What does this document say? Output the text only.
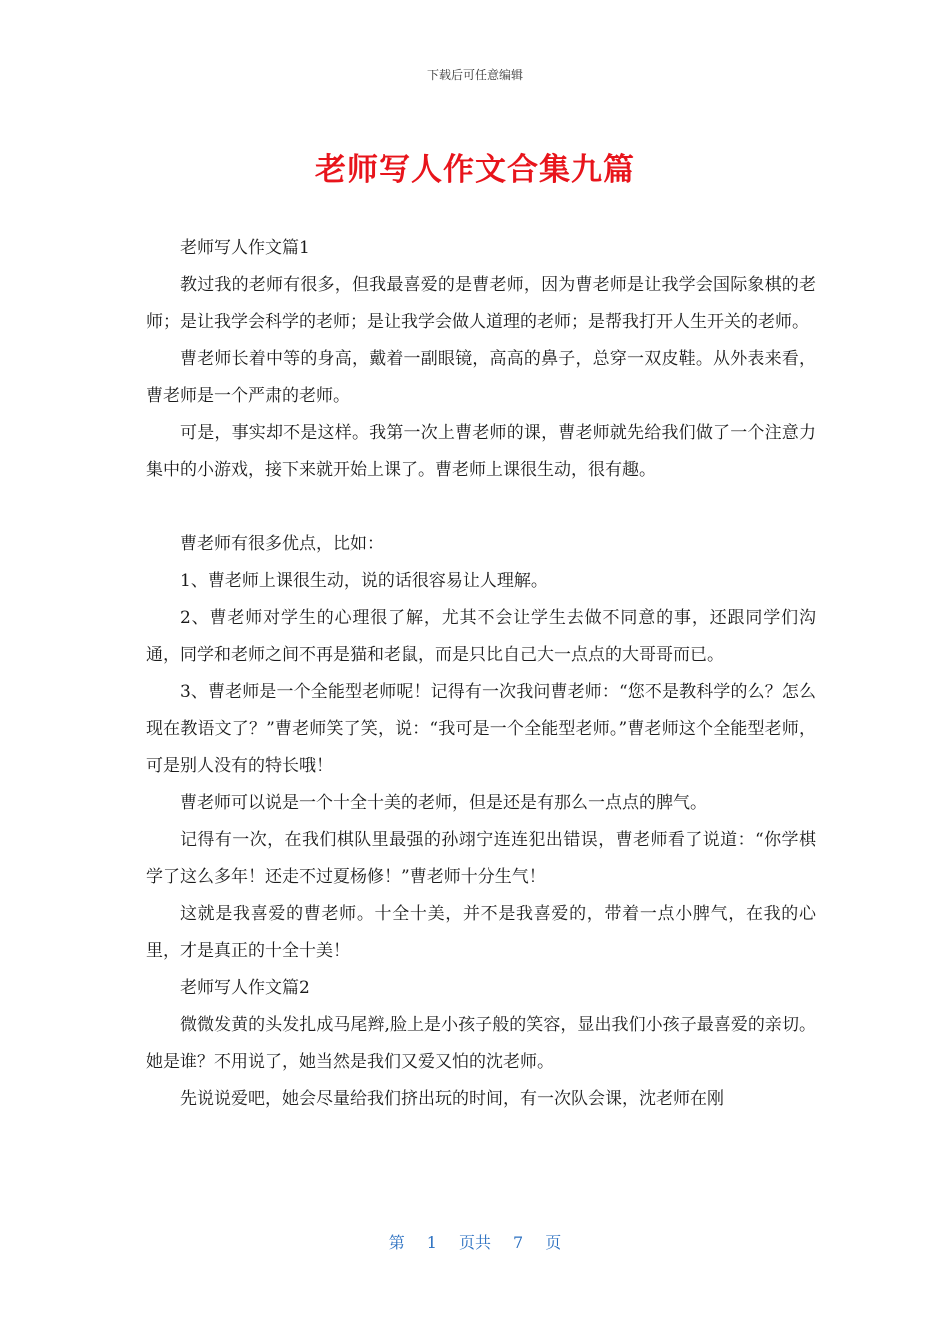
下载后可任意编辑
老师写人作文合集九篇

老师写人作文篇1

教过我的老师有很多，但我最喜爱的是曹老师，因为曹老师是让我学会国际象棋的老师；是让我学会科学的老师；是让我学会做人道理的老师；是帮我打开人生开关的老师。

曹老师长着中等的身高，戴着一副眼镜，高高的鼻子，总穿一双皮鞋。从外表来看，曹老师是一个严肃的老师。

可是，事实却不是这样。我第一次上曹老师的课，曹老师就先给我们做了一个注意力集中的小游戏，接下来就开始上课了。曹老师上课很生动，很有趣。

曹老师有很多优点，比如：

1、曹老师上课很生动，说的话很容易让人理解。

2、曹老师对学生的心理很了解，尤其不会让学生去做不同意的事，还跟同学们沟通，同学和老师之间不再是猫和老鼠，而是只比自己大一点点的大哥哥而已。

3、曹老师是一个全能型老师呢！记得有一次我问曹老师：“您不是教科学的么？怎么现在教语文了？”曹老师笑了笑，说：“我可是一个全能型老师。”曹老师这个全能型老师，可是别人没有的特长哦！

曹老师可以说是一个十全十美的老师，但是还是有那么一点点的脾气。

记得有一次，在我们棋队里最强的孙翊宁连连犯出错误，曹老师看了说道：“你学棋学了这么多年！还走不过夏杨修！”曹老师十分生气！

这就是我喜爱的曹老师。十全十美，并不是我喜爱的，带着一点小脾气，在我的心里，才是真正的十全十美！

老师写人作文篇2

微微发黄的头发扎成马尾辫,脸上是小孩子般的笑容，显出我们小孩子最喜爱的亲切。她是谁？不用说了，她当然是我们又爱又怕的沈老师。

先说说爱吧，她会尽量给我们挤出玩的时间，有一次队会课，沈老师在刚

第 1 页共 7 页
